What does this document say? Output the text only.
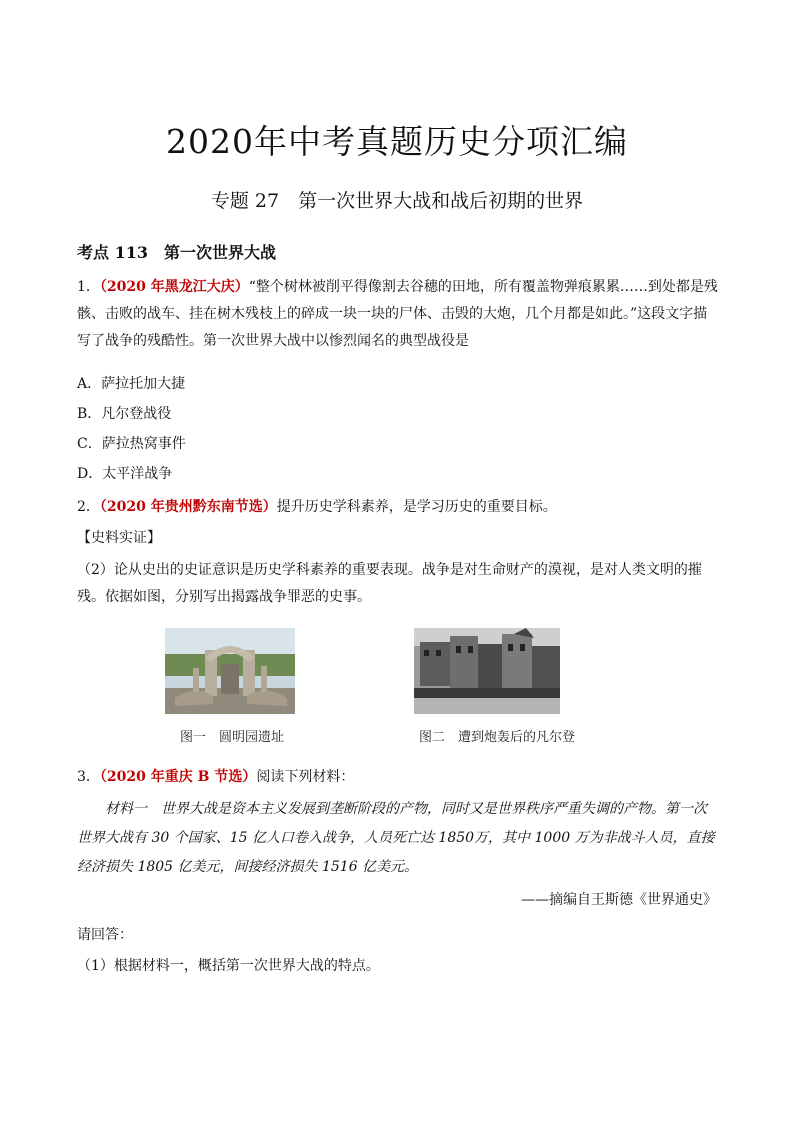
2020年中考真题历史分项汇编
专题 27　第一次世界大战和战后初期的世界
考点 113　第一次世界大战
1．（2020 年黑龙江大庆）“整个树林被削平得像割去谷穗的田地，所有覆盖物弹痕累累……到处都是残骸、击败的战车、挂在树木残枝上的碎成一块一块的尸体、击毁的大炮，几个月都是如此。”这段文字描写了战争的残酷性。第一次世界大战中以惨烈闻名的典型战役是
A．萨拉托加大捷
B．凡尔登战役
C．萨拉热窝事件
D．太平洋战争
2．（2020 年贵州黔东南节选）提升历史学科素养，是学习历史的重要目标。
【史料实证】
（2）论从史出的史证意识是历史学科素养的重要表现。战争是对生命财产的漠视，是对人类文明的摧残。依据如图，分别写出揭露战争罪恶的史事。
图一　圆明园遗址	图二　遭到炮轰后的凡尔登
3．（2020 年重庆 B 节选）阅读下列材料：
材料一　世界大战是资本主义发展到垄断阶段的产物，同时又是世界秩序严重失调的产物。第一次世界大战有 30 个国家、15 亿人口卷入战争，人员死亡达 1850万，其中 1000 万为非战斗人员，直接经济损失 1805 亿美元，间接经济损失 1516 亿美元。
——摘编自王斯德《世界通史》
请回答：
（1）根据材料一，概括第一次世界大战的特点。
